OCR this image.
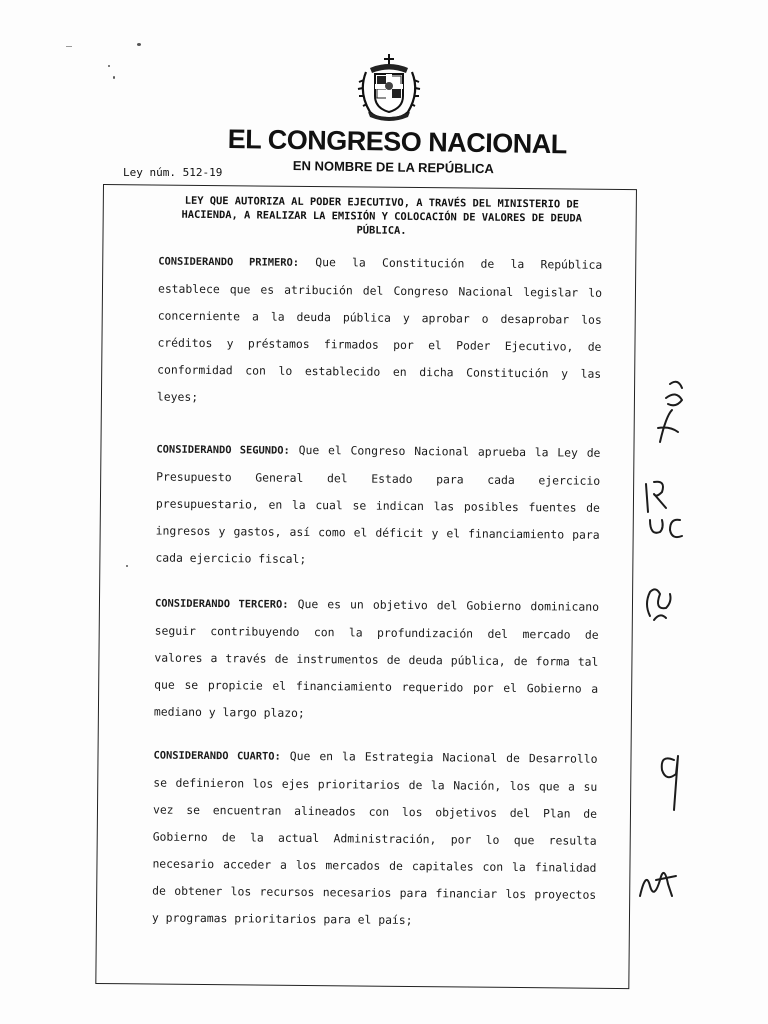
EL CONGRESO NACIONAL
EN NOMBRE DE LA REPÚBLICA
Ley núm. 512-19
LEY QUE AUTORIZA AL PODER EJECUTIVO, A TRAVÉS DEL MINISTERIO DE HACIENDA, A REALIZAR LA EMISIÓN Y COLOCACIÓN DE VALORES DE DEUDA PÚBLICA.

CONSIDERANDO PRIMERO: Que la Constitución de la República establece que es atribución del Congreso Nacional legislar lo concerniente a la deuda pública y aprobar o desaprobar los créditos y préstamos firmados por el Poder Ejecutivo, de conformidad con lo establecido en dicha Constitución y las leyes;

CONSIDERANDO SEGUNDO: Que el Congreso Nacional aprueba la Ley de Presupuesto General del Estado para cada ejercicio presupuestario, en la cual se indican las posibles fuentes de ingresos y gastos, así como el déficit y el financiamiento para cada ejercicio fiscal;

CONSIDERANDO TERCERO: Que es un objetivo del Gobierno dominicano seguir contribuyendo con la profundización del mercado de valores a través de instrumentos de deuda pública, de forma tal que se propicie el financiamiento requerido por el Gobierno a mediano y largo plazo;

CONSIDERANDO CUARTO: Que en la Estrategia Nacional de Desarrollo se definieron los ejes prioritarios de la Nación, los que a su vez se encuentran alineados con los objetivos del Plan de Gobierno de la actual Administración, por lo que resulta necesario acceder a los mercados de capitales con la finalidad de obtener los recursos necesarios para financiar los proyectos y programas prioritarios para el país;
